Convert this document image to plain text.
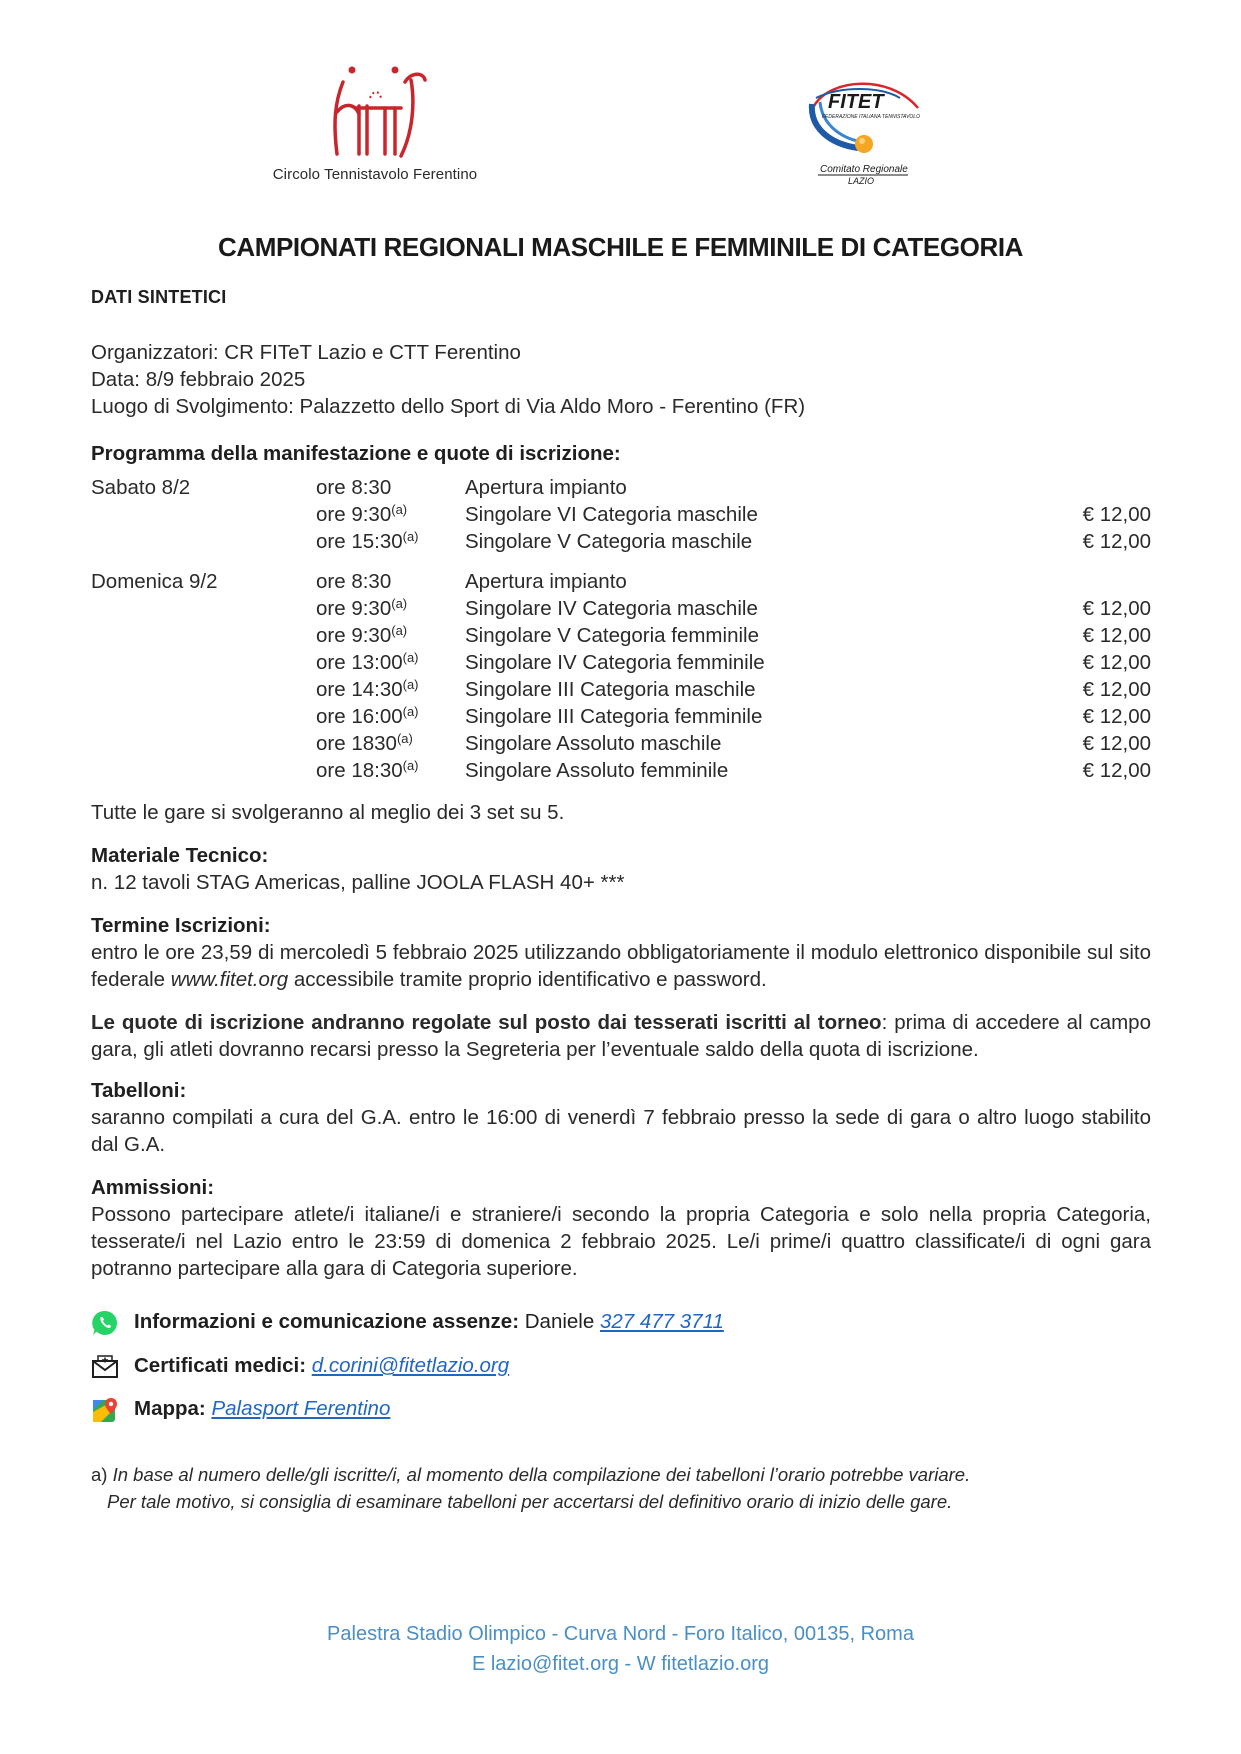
Circolo Tennistavolo Ferentino
FITET
FEDERAZIONE ITALIANA TENNISTAVOLO
Comitato Regionale
LAZIO
CAMPIONATI REGIONALI MASCHILE E FEMMINILE DI CATEGORIA
DATI SINTETICI
Organizzatori: CR FITeT Lazio e CTT Ferentino
Data: 8/9 febbraio 2025
Luogo di Svolgimento: Palazzetto dello Sport di Via Aldo Moro - Ferentino (FR)
Programma della manifestazione e quote di iscrizione:
Sabato 8/2	ore 8:30	Apertura impianto
ore 9:30$^{(a)}$	Singolare VI Categoria maschile	€ 12,00
ore 15:30$^{(a)}$ Singolare V Categoria maschile	€ 12,00
Domenica 9/2	ore 8:30	Apertura impianto
ore 9:30$^{(a)}$	Singolare IV Categoria maschile	€ 12,00
ore 9:30$^{(a)}$	Singolare V Categoria femminile	€ 12,00
ore 13:00$^{(a)}$ Singolare IV Categoria femminile	€ 12,00
ore 14:30$^{(a)}$ Singolare III Categoria maschile	€ 12,00
ore 16:00$^{(a)}$ Singolare III Categoria femminile	€ 12,00
ore 1830$^{(a)}$	Singolare Assoluto maschile	€ 12,00
ore 18:30$^{(a)}$ Singolare Assoluto femminile	€ 12,00
Tutte le gare si svolgeranno al meglio dei 3 set su 5.
Materiale Tecnico:
n. 12 tavoli STAG Americas, palline JOOLA FLASH 40+ ***
Termine Iscrizioni:
entro le ore 23,59 di mercoledì 5 febbraio 2025 utilizzando obbligatoriamente il modulo elettronico disponibile sul sito federale www.fitet.org accessibile tramite proprio identificativo e password.
Le quote di iscrizione andranno regolate sul posto dai tesserati iscritti al torneo: prima di accedere al campo gara, gli atleti dovranno recarsi presso la Segreteria per l’eventuale saldo della quota di iscrizione.
Tabelloni:
saranno compilati a cura del G.A. entro le 16:00 di venerdì 7 febbraio presso la sede di gara o altro luogo stabilito dal G.A.
Ammissioni:
Possono partecipare atlete/i italiane/i e straniere/i secondo la propria Categoria e solo nella propria Categoria, tesserate/i nel Lazio entro le 23:59 di domenica 2 febbraio 2025. Le/i prime/i quattro classificate/i di ogni gara potranno partecipare alla gara di Categoria superiore.
Informazioni e comunicazione assenze: Daniele 327 477 3711
Certificati medici: d.corini@fitetlazio.org
Mappa: Palasport Ferentino
a) In base al numero delle/gli iscritte/i, al momento della compilazione dei tabelloni l’orario potrebbe variare.
Per tale motivo, si consiglia di esaminare tabelloni per accertarsi del definitivo orario di inizio delle gare.
Palestra Stadio Olimpico - Curva Nord - Foro Italico, 00135, Roma
E lazio@fitet.org - W fitetlazio.org
